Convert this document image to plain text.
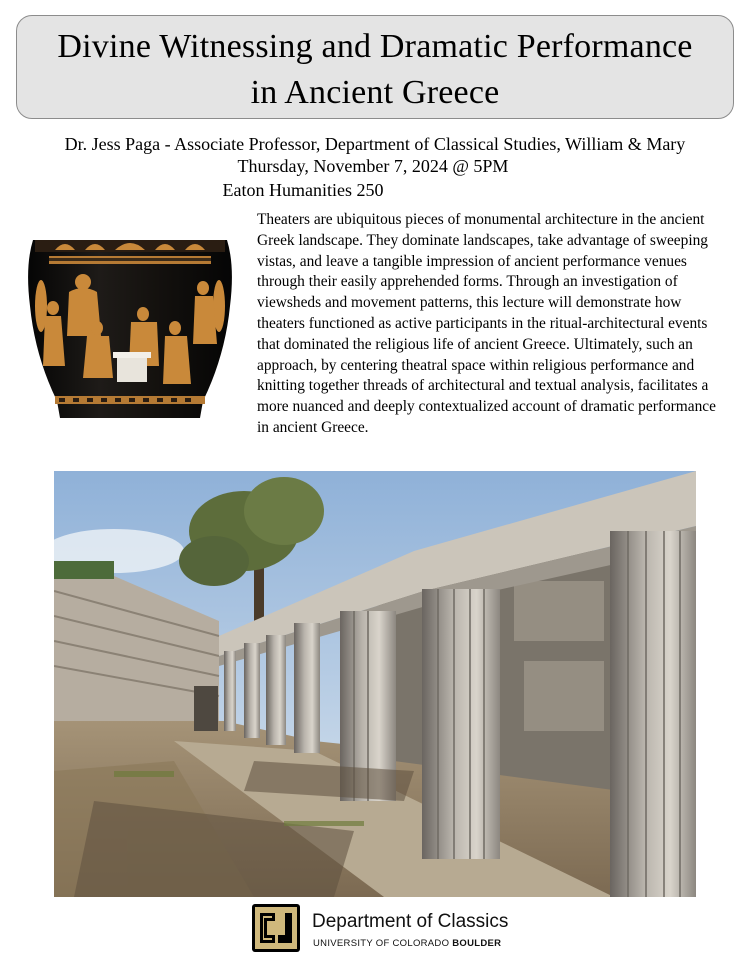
Divine Witnessing and Dramatic Performance
in Ancient Greece
Dr. Jess Paga - Associate Professor, Department of Classical Studies, William & Mary
Thursday, November 7, 2024 @ 5PM
Eaton Humanities 250
Theaters are ubiquitous pieces of monumental architecture in the ancient Greek landscape. They dominate landscapes, take advantage of sweeping vistas, and leave a tangible impression of ancient performance venues through their easily apprehended forms. Through an investigation of viewsheds and movement patterns, this lecture will demonstrate how theaters functioned as active participants in the ritual-architectural events that dominated the religious life of ancient Greece. Ultimately, such an approach, by centering theatral space within religious performance and knitting together threads of architectural and textual analysis, facilitates a more nuanced and deeply contextualized account of dramatic performance in ancient Greece.
Department of Classics
UNIVERSITY OF COLORADO BOULDER
